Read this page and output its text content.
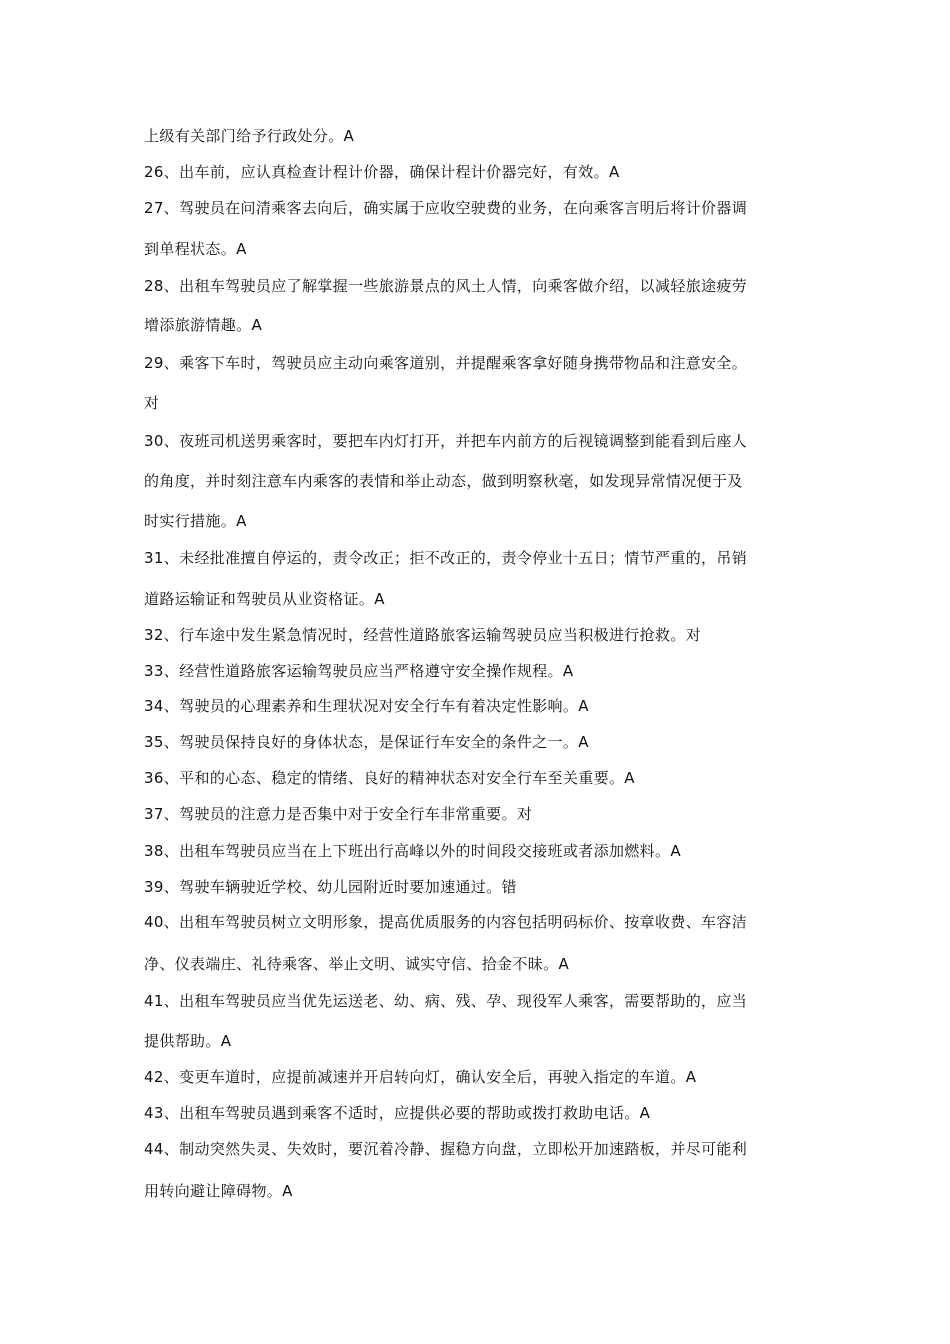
上级有关部门给予行政处分。A
26、出车前，应认真检查计程计价器，确保计程计价器完好，有效。A
27、驾驶员在问清乘客去向后，确实属于应收空驶费的业务，在向乘客言明后将计价器调
到单程状态。A
28、出租车驾驶员应了解掌握一些旅游景点的风土人情，向乘客做介绍，以减轻旅途疲劳
增添旅游情趣。A
29、乘客下车时，驾驶员应主动向乘客道别，并提醒乘客拿好随身携带物品和注意安全。
对
30、夜班司机送男乘客时，要把车内灯打开，并把车内前方的后视镜调整到能看到后座人
的角度，并时刻注意车内乘客的表情和举止动态，做到明察秋毫，如发现异常情况便于及
时实行措施。A
31、未经批准擅自停运的，责令改正；拒不改正的，责令停业十五日；情节严重的，吊销
道路运输证和驾驶员从业资格证。A
32、行车途中发生紧急情况时，经营性道路旅客运输驾驶员应当积极进行抢救。对
33、经营性道路旅客运输驾驶员应当严格遵守安全操作规程。A
34、驾驶员的心理素养和生理状况对安全行车有着决定性影响。A
35、驾驶员保持良好的身体状态，是保证行车安全的条件之一。A
36、平和的心态、稳定的情绪、良好的精神状态对安全行车至关重要。A
37、驾驶员的注意力是否集中对于安全行车非常重要。对
38、出租车驾驶员应当在上下班出行高峰以外的时间段交接班或者添加燃料。A
39、驾驶车辆驶近学校、幼儿园附近时要加速通过。错
40、出租车驾驶员树立文明形象，提高优质服务的内容包括明码标价、按章收费、车容洁
净、仪表端庄、礼待乘客、举止文明、诚实守信、拾金不昧。A
41、出租车驾驶员应当优先运送老、幼、病、残、孕、现役军人乘客，需要帮助的，应当
提供帮助。A
42、变更车道时，应提前减速并开启转向灯，确认安全后，再驶入指定的车道。A
43、出租车驾驶员遇到乘客不适时，应提供必要的帮助或拨打救助电话。A
44、制动突然失灵、失效时，要沉着冷静、握稳方向盘，立即松开加速踏板，并尽可能利
用转向避让障碍物。A
